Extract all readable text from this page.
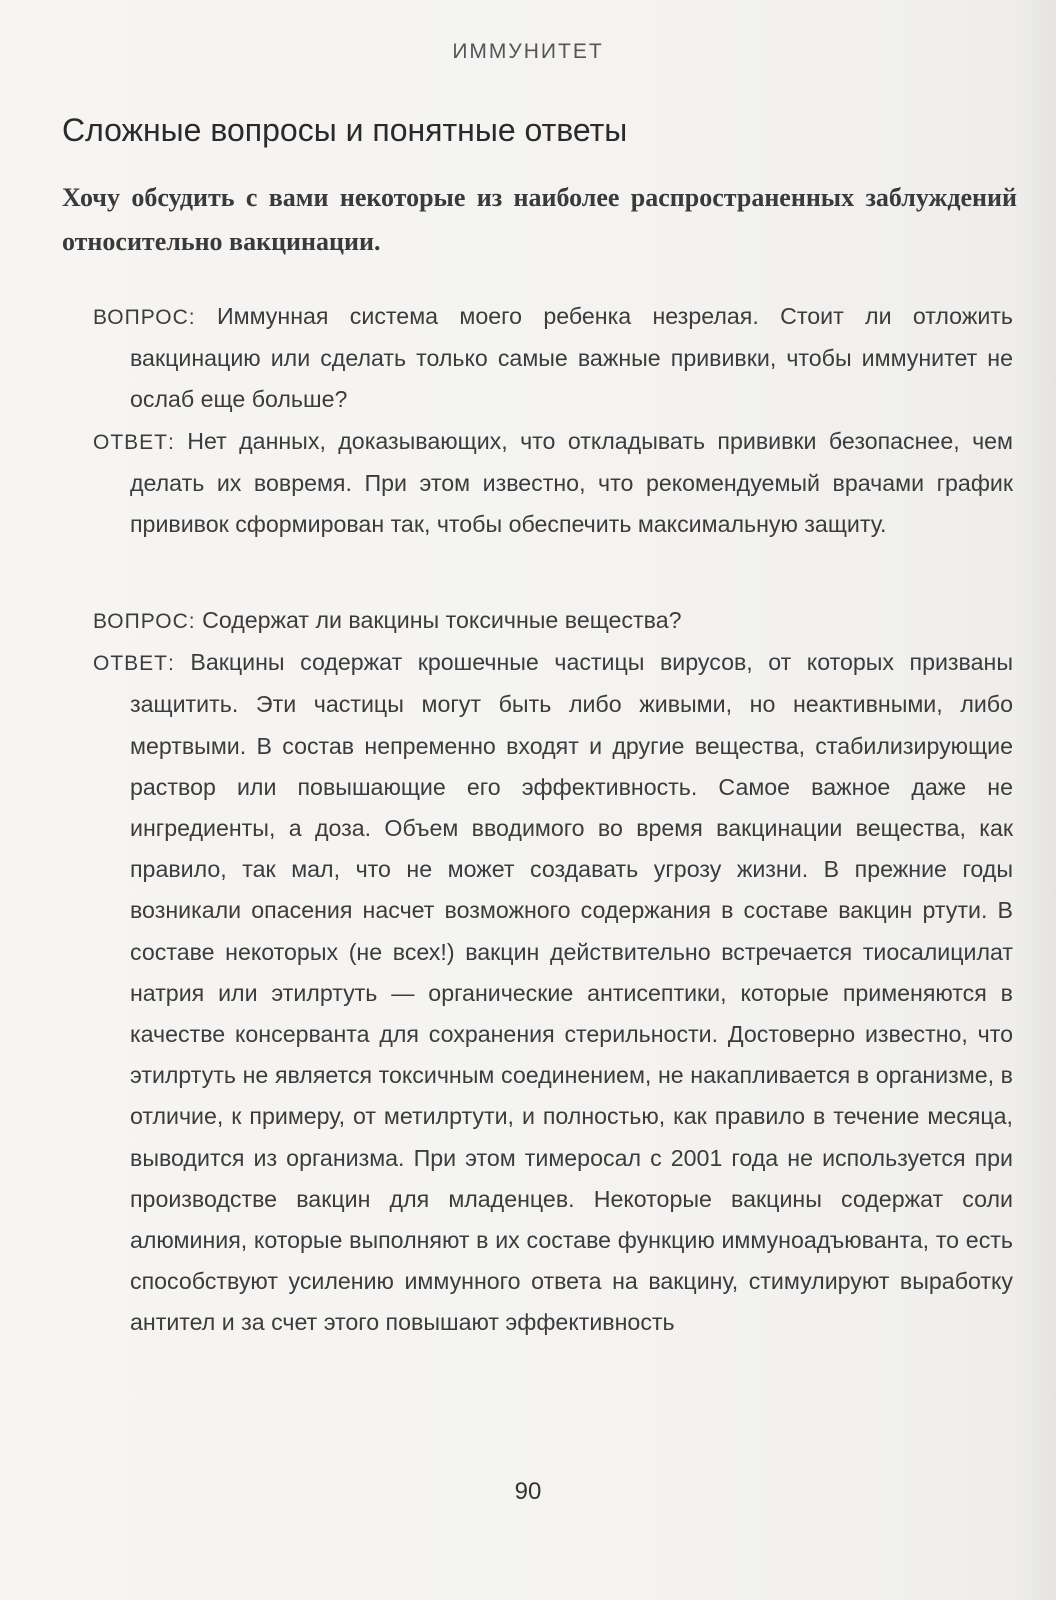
ИММУНИТЕТ
Сложные вопросы и понятные ответы
Хочу обсудить с вами некоторые из наиболее распространенных заблуждений относительно вакцинации.

ВОПРОС: Иммунная система моего ребенка незрелая. Стоит ли отложить вакцинацию или сделать только самые важные прививки, чтобы иммунитет не ослаб еще больше?

ОТВЕТ: Нет данных, доказывающих, что откладывать прививки безопаснее, чем делать их вовремя. При этом известно, что рекомендуемый врачами график прививок сформирован так, чтобы обеспечить максимальную защиту.

ВОПРОС: Содержат ли вакцины токсичные вещества?

ОТВЕТ: Вакцины содержат крошечные частицы вирусов, от которых призваны защитить. Эти частицы могут быть либо живыми, но неактивными, либо мертвыми. В состав непременно входят и другие вещества, стабилизирующие раствор или повышающие его эффективность. Самое важное даже не ингредиенты, а доза. Объем вводимого во время вакцинации вещества, как правило, так мал, что не может создавать угрозу жизни. В прежние годы возникали опасения насчет возможного содержания в составе вакцин ртути. В составе некоторых (не всех!) вакцин действительно встречается тиосалицилат натрия или этилртуть — органические антисептики, которые применяются в качестве консерванта для сохранения стерильности. Достоверно известно, что этилртуть не является токсичным соединением, не накапливается в организме, в отличие, к примеру, от метилртути, и полностью, как правило в течение месяца, выводится из организма. При этом тимеросал с 2001 года не используется при производстве вакцин для младенцев. Некоторые вакцины содержат соли алюминия, которые выполняют в их составе функцию иммуноадъюванта, то есть способствуют усилению иммунного ответа на вакцину, стимулируют выработку антител и за счет этого повышают эффективность

90
